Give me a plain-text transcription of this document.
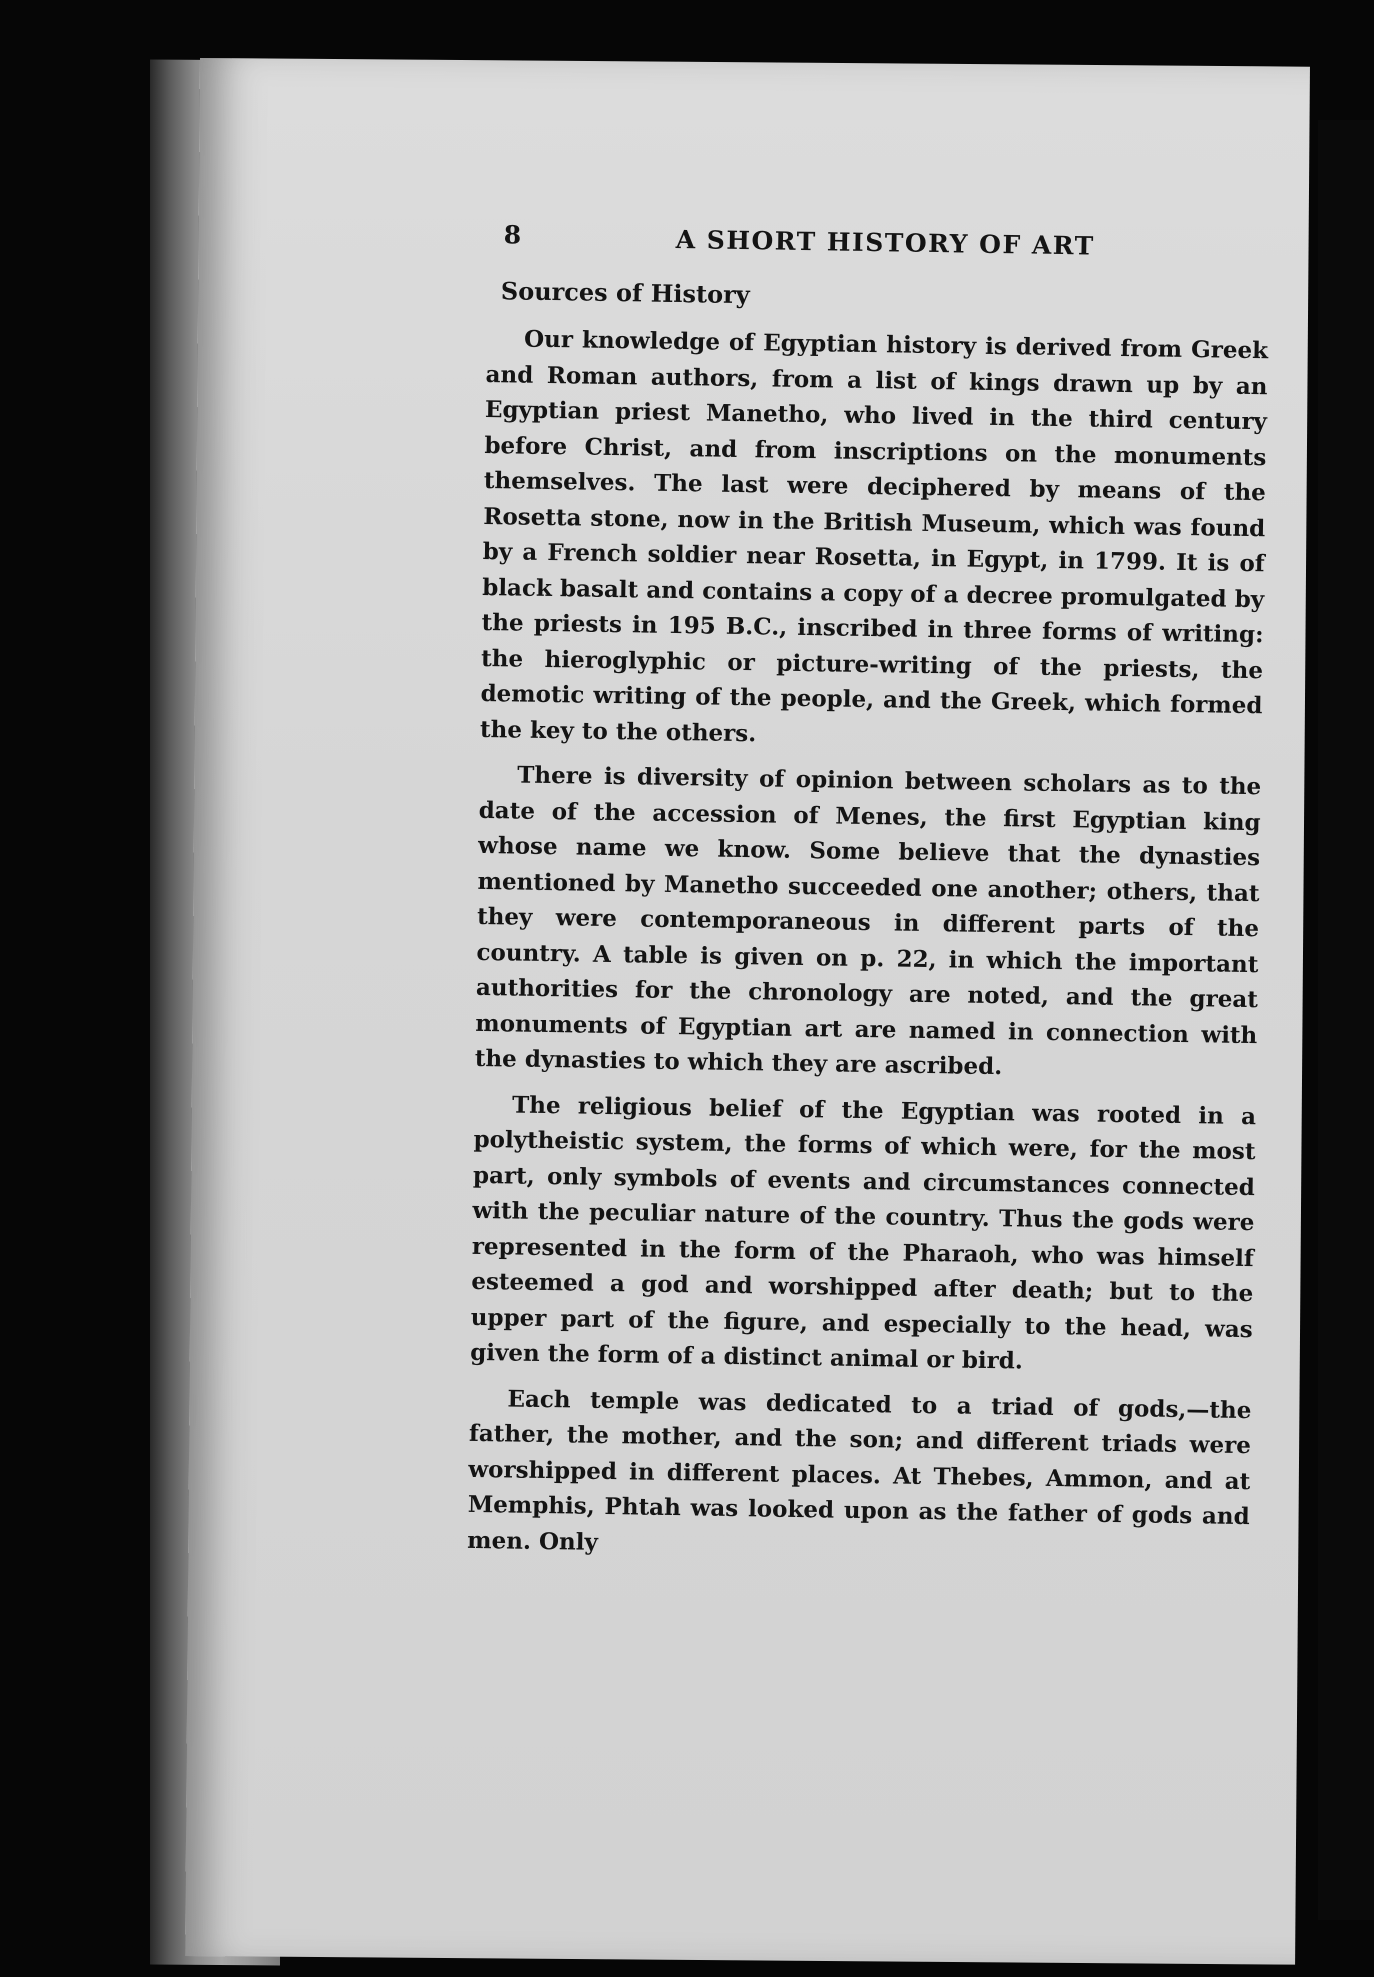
8	A SHORT HISTORY OF ART
Sources of History

Our knowledge of Egyptian history is derived from Greek and Roman authors, from a list of kings drawn up by an Egyptian priest Manetho, who lived in the third century before Christ, and from inscriptions on the monuments themselves. The last were deciphered by means of the Rosetta stone, now in the British Museum, which was found by a French soldier near Rosetta, in Egypt, in 1799. It is of black basalt and contains a copy of a decree promulgated by the priests in 195 B.C., inscribed in three forms of writing: the hieroglyphic or picture-writing of the priests, the demotic writing of the people, and the Greek, which formed the key to the others.

There is diversity of opinion between scholars as to the date of the accession of Menes, the first Egyptian king whose name we know. Some believe that the dynasties mentioned by Manetho succeeded one another; others, that they were contemporaneous in different parts of the country. A table is given on p. 22, in which the important authorities for the chronology are noted, and the great monuments of Egyptian art are named in connection with the dynasties to which they are ascribed.

The religious belief of the Egyptian was rooted in a polytheistic system, the forms of which were, for the most part, only symbols of events and circumstances connected with the peculiar nature of the country. Thus the gods were represented in the form of the Pharaoh, who was himself esteemed a god and worshipped after death; but to the upper part of the figure, and especially to the head, was given the form of a distinct animal or bird.

Each temple was dedicated to a triad of gods,—the father, the mother, and the son; and different triads were worshipped in different places. At Thebes, Ammon, and at Memphis, Phtah was looked upon as the father of gods and men. Only
